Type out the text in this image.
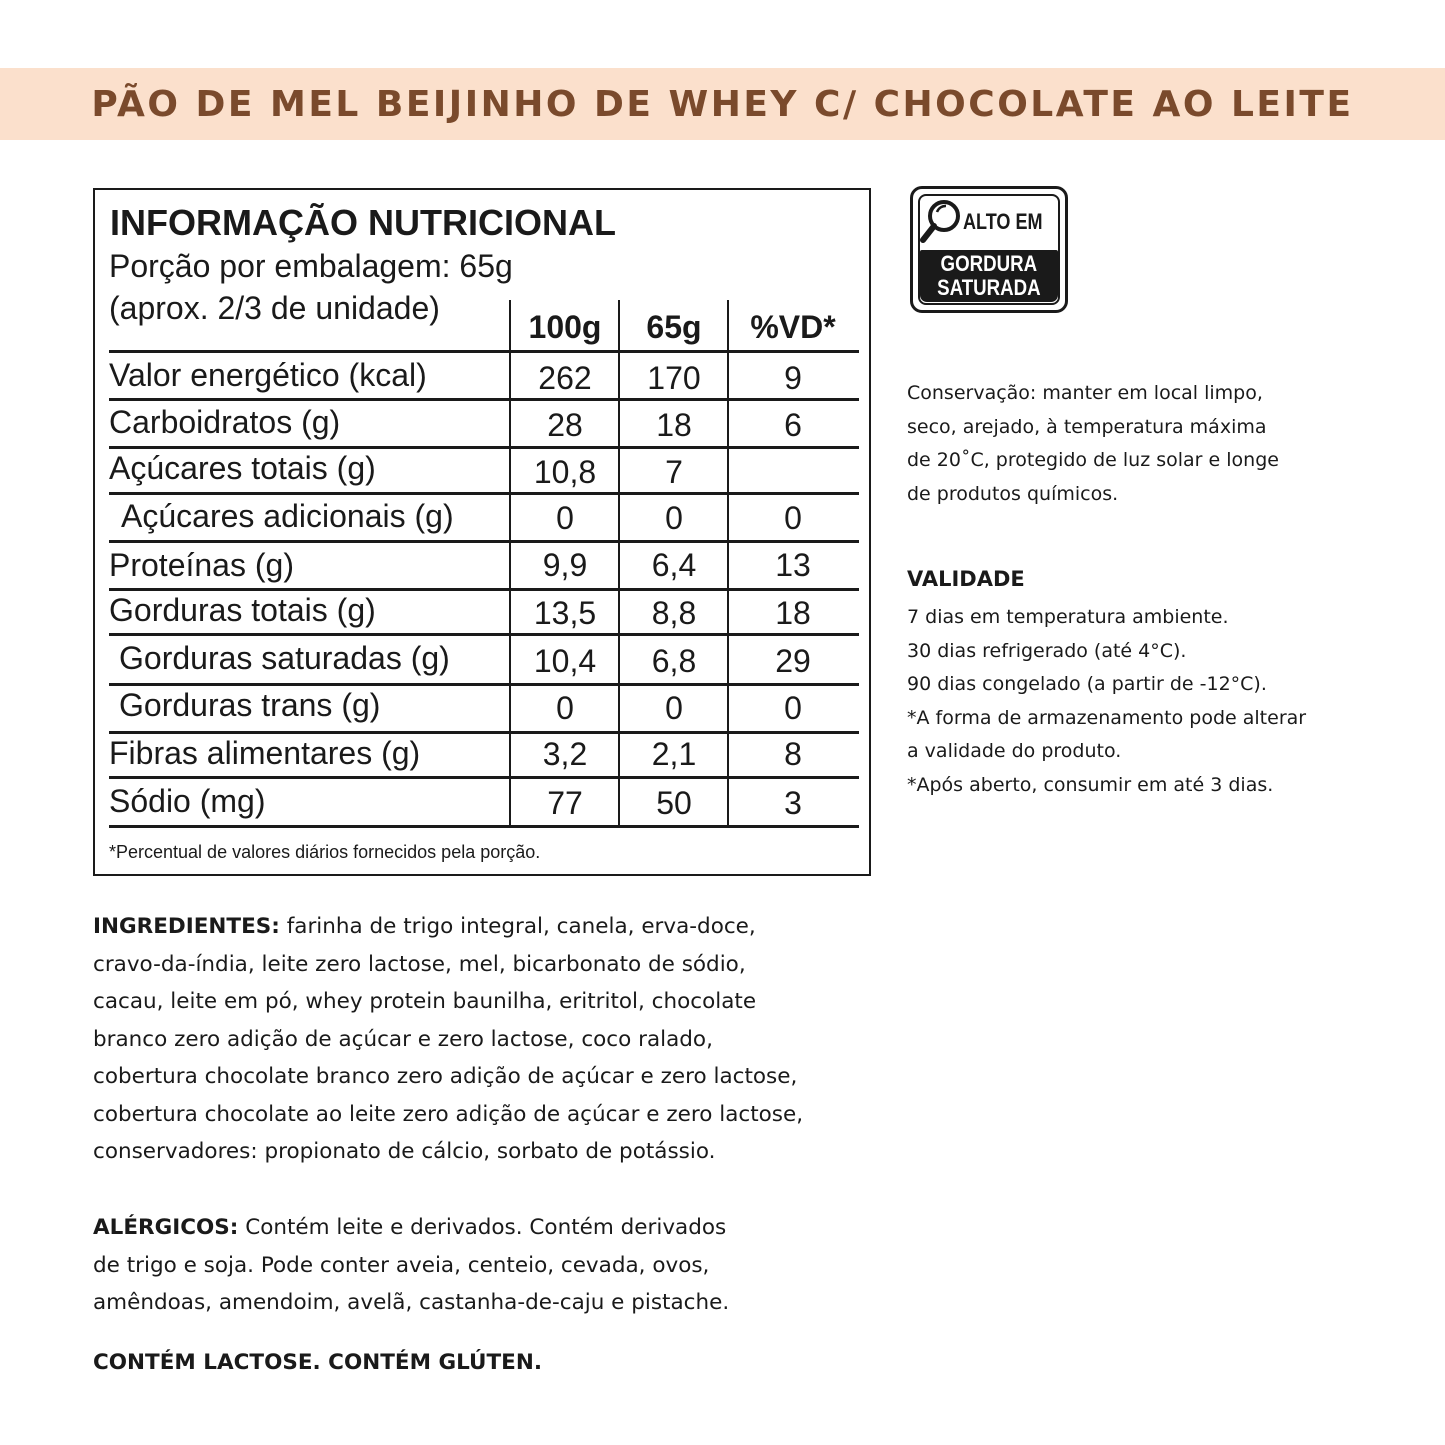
PÃO DE MEL BEIJINHO DE WHEY C/ CHOCOLATE AO LEITE
INFORMAÇÃO NUTRICIONAL
Porção por embalagem: 65g
(aprox. 2/3 de unidade)
100g	65g	%VD*
Valor energético (kcal)	262	170	9
Carboidratos (g)	28	18	6
Açúcares totais (g)	10,8	7
Açúcares adicionais (g)	0	0	0
Proteínas (g)	9,9	6,4	13
Gorduras totais (g)	13,5	8,8	18
Gorduras saturadas (g)	10,4	6,8	29
Gorduras trans (g)	0	0	0
Fibras alimentares (g)	3,2	2,1	8
Sódio (mg)	77	50	3
*Percentual de valores diários fornecidos pela porção.
ALTO EM
GORDURA
SATURADA
Conservação: manter em local limpo,
seco, arejado, à temperatura máxima
de 20˚C, protegido de luz solar e longe
de produtos químicos.
VALIDADE
7 dias em temperatura ambiente.
30 dias refrigerado (até 4°C).
90 dias congelado (a partir de -12°C).
*A forma de armazenamento pode alterar
a validade do produto.
*Após aberto, consumir em até 3 dias.
INGREDIENTES: farinha de trigo integral, canela, erva-doce,
cravo-da-índia, leite zero lactose, mel, bicarbonato de sódio,
cacau, leite em pó, whey protein baunilha, eritritol, chocolate
branco zero adição de açúcar e zero lactose, coco ralado,
cobertura chocolate branco zero adição de açúcar e zero lactose,
cobertura chocolate ao leite zero adição de açúcar e zero lactose,
conservadores: propionato de cálcio, sorbato de potássio.
ALÉRGICOS: Contém leite e derivados. Contém derivados
de trigo e soja. Pode conter aveia, centeio, cevada, ovos,
amêndoas, amendoim, avelã, castanha-de-caju e pistache.
CONTÉM LACTOSE. CONTÉM GLÚTEN.
